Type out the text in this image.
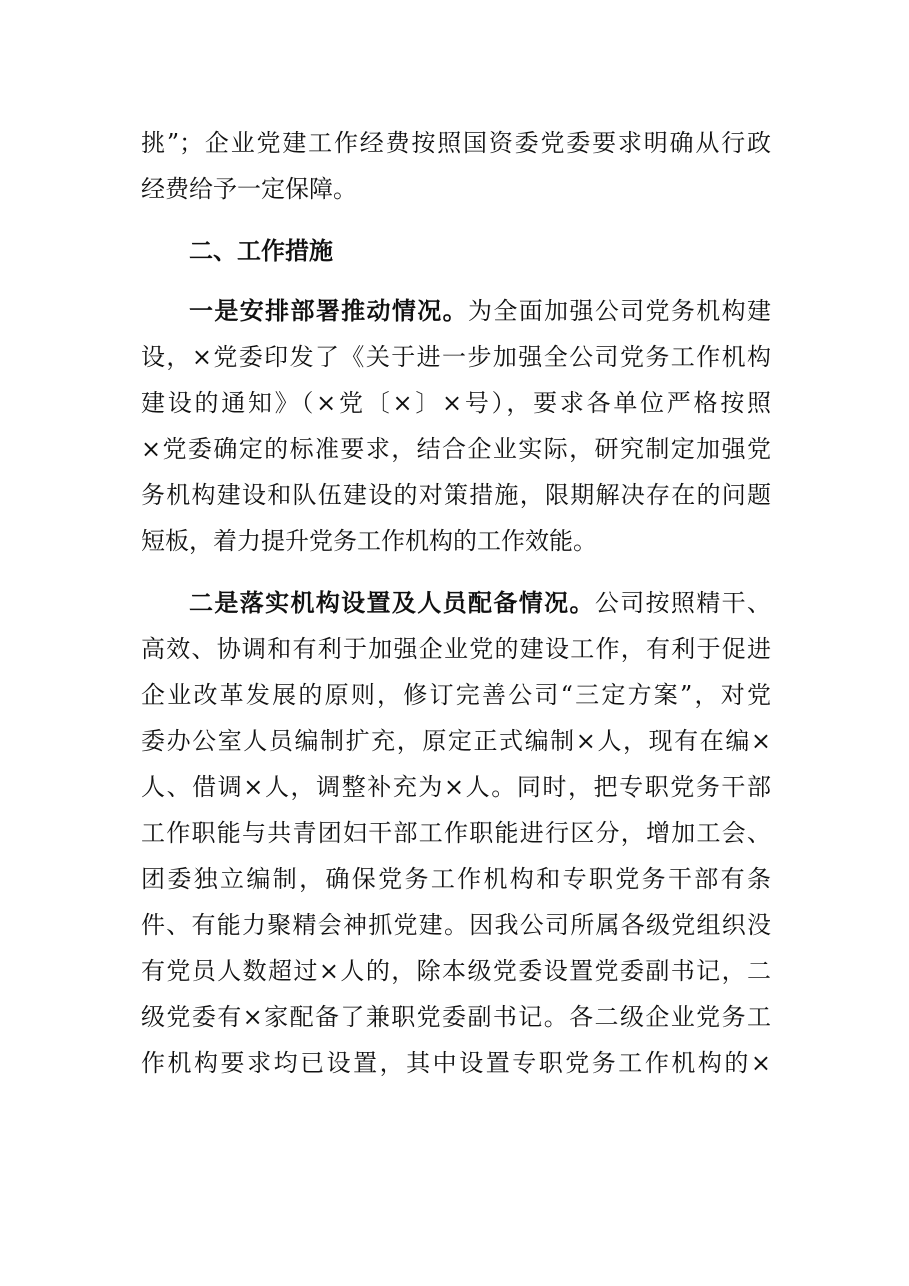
挑”；企业党建工作经费按照国资委党委要求明确从行政
经费给予一定保障。
二、工作措施
一是安排部署推动情况。为全面加强公司党务机构建
设，×党委印发了《关于进一步加强全公司党务工作机构
建设的通知》（×党〔×〕×号），要求各单位严格按照
×党委确定的标准要求，结合企业实际，研究制定加强党
务机构建设和队伍建设的对策措施，限期解决存在的问题
短板，着力提升党务工作机构的工作效能。
二是落实机构设置及人员配备情况。公司按照精干、
高效、协调和有利于加强企业党的建设工作，有利于促进
企业改革发展的原则，修订完善公司“三定方案”，对党
委办公室人员编制扩充，原定正式编制×人，现有在编×
人、借调×人，调整补充为×人。同时，把专职党务干部
工作职能与共青团妇干部工作职能进行区分，增加工会、
团委独立编制，确保党务工作机构和专职党务干部有条
件、有能力聚精会神抓党建。因我公司所属各级党组织没
有党员人数超过×人的，除本级党委设置党委副书记，二
级党委有×家配备了兼职党委副书记。各二级企业党务工
作机构要求均已设置，其中设置专职党务工作机构的×
